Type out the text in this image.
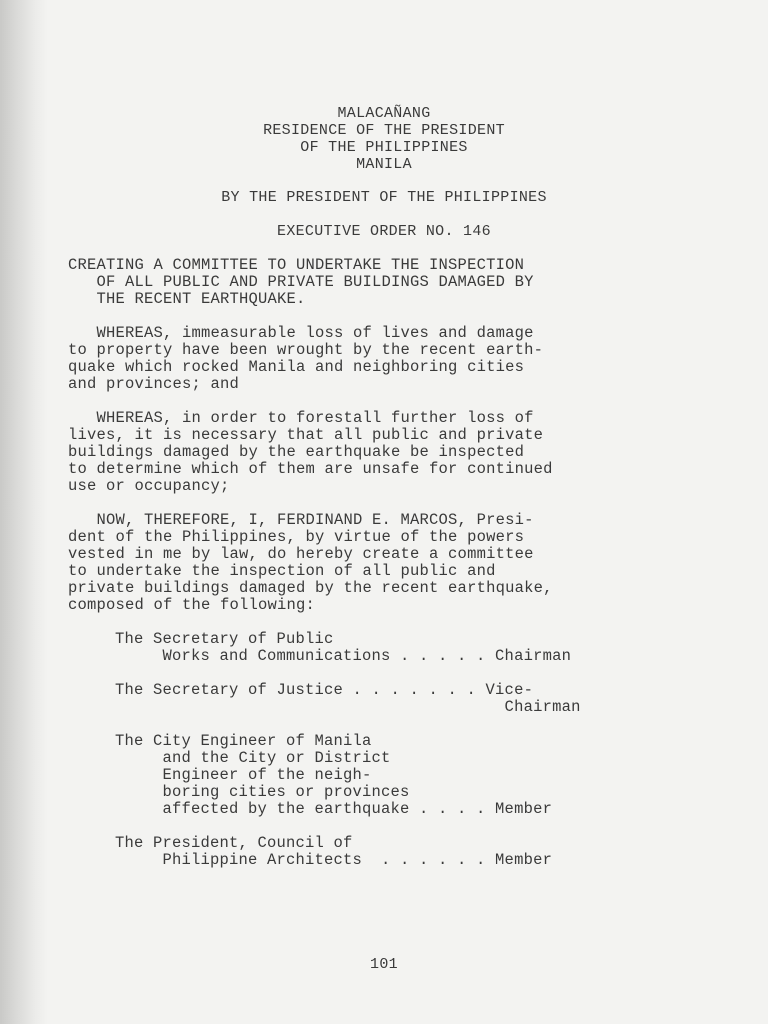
MALACAÑANG
RESIDENCE OF THE PRESIDENT
OF THE PHILIPPINES
MANILA
BY THE PRESIDENT OF THE PHILIPPINES
EXECUTIVE ORDER NO. 146
CREATING A COMMITTEE TO UNDERTAKE THE INSPECTION
OF ALL PUBLIC AND PRIVATE BUILDINGS DAMAGED BY
THE RECENT EARTHQUAKE.
WHEREAS, immeasurable loss of lives and damage
to property have been wrought by the recent earth-
quake which rocked Manila and neighboring cities
and provinces; and
WHEREAS, in order to forestall further loss of
lives, it is necessary that all public and private
buildings damaged by the earthquake be inspected
to determine which of them are unsafe for continued
use or occupancy;
NOW, THEREFORE, I, FERDINAND E. MARCOS, Presi-
dent of the Philippines, by virtue of the powers
vested in me by law, do hereby create a committee
to undertake the inspection of all public and
private buildings damaged by the recent earthquake,
composed of the following:
The Secretary of Public
Works and Communications . . . . . Chairman
The Secretary of Justice . . . . . . . Vice-
Chairman
The City Engineer of Manila
and the City or District
Engineer of the neigh-
boring cities or provinces
affected by the earthquake . . . . Member
The President, Council of
Philippine Architects  . . . . . . Member
101
